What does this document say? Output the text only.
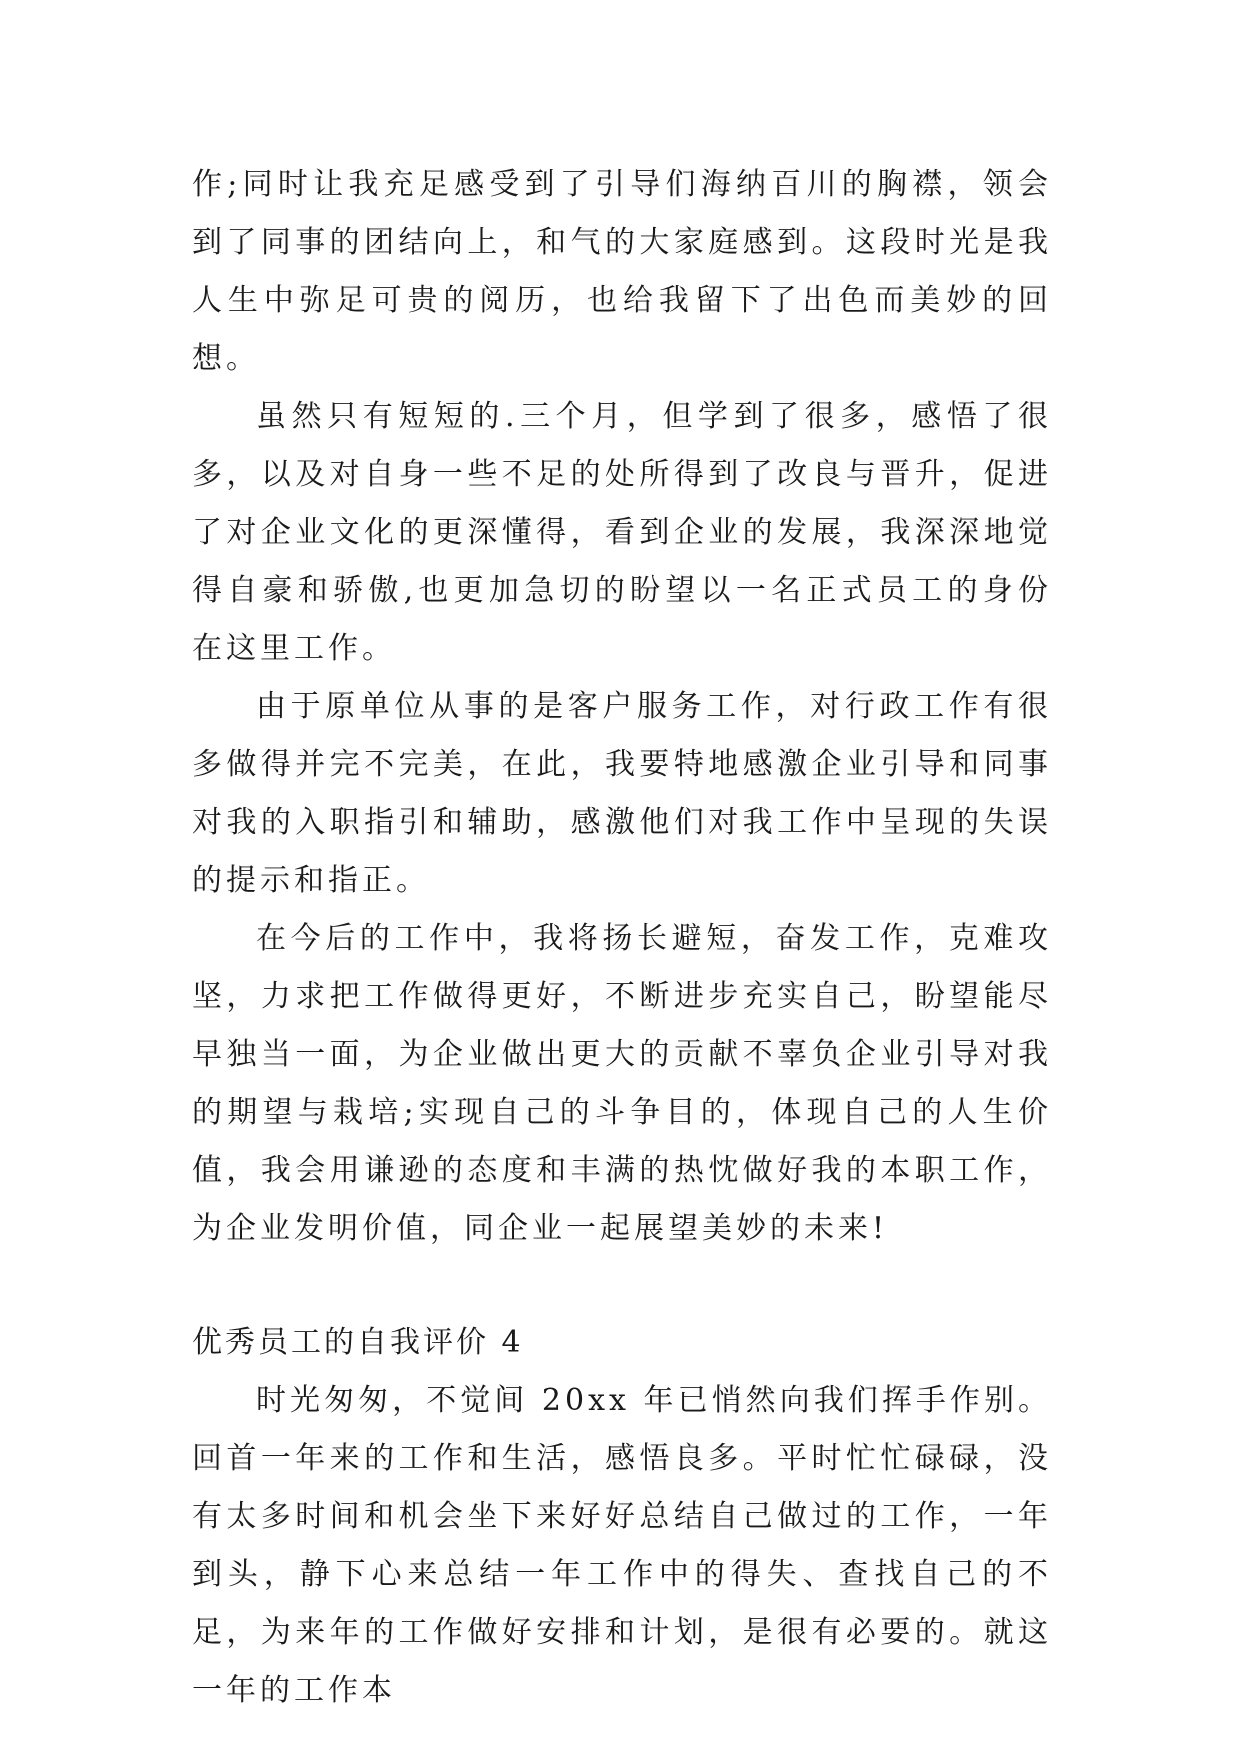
作;同时让我充足感受到了引导们海纳百川的胸襟，领会到了同事的团结向上，和气的大家庭感到。这段时光是我人生中弥足可贵的阅历，也给我留下了出色而美妙的回想。

虽然只有短短的.三个月，但学到了很多，感悟了很多，以及对自身一些不足的处所得到了改良与晋升，促进了对企业文化的更深懂得，看到企业的发展，我深深地觉得自豪和骄傲,也更加急切的盼望以一名正式员工的身份在这里工作。

由于原单位从事的是客户服务工作，对行政工作有很多做得并完不完美，在此，我要特地感激企业引导和同事对我的入职指引和辅助，感激他们对我工作中呈现的失误的提示和指正。

在今后的工作中，我将扬长避短，奋发工作，克难攻坚，力求把工作做得更好，不断进步充实自己，盼望能尽早独当一面，为企业做出更大的贡献不辜负企业引导对我的期望与栽培;实现自己的斗争目的，体现自己的人生价值，我会用谦逊的态度和丰满的热忱做好我的本职工作，为企业发明价值，同企业一起展望美妙的未来!

优秀员工的自我评价 4

时光匆匆，不觉间 20xx 年已悄然向我们挥手作别。回首一年来的工作和生活，感悟良多。平时忙忙碌碌，没有太多时间和机会坐下来好好总结自己做过的工作，一年到头，静下心来总结一年工作中的得失、查找自己的不足，为来年的工作做好安排和计划，是很有必要的。就这一年的工作本
